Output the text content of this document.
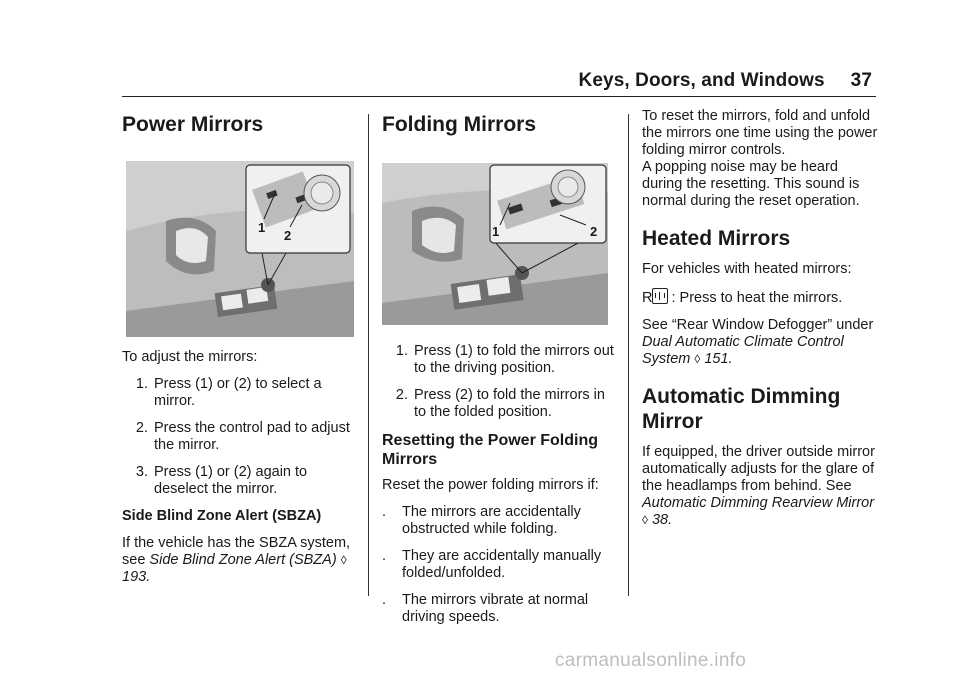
Keys, Doors, and Windows 37
Power Mirrors
1
2

To adjust the mirrors:

1. Press (1) or (2) to select a mirror.
2. Press the control pad to adjust the mirror.
3. Press (1) or (2) again to deselect the mirror.

Side Blind Zone Alert (SBZA)

If the vehicle has the SBZA system, see Side Blind Zone Alert (SBZA) ◊ 193.

Folding Mirrors
1	2
1. Press (1) to fold the mirrors out to the driving position.
2. Press (2) to fold the mirrors in to the folded position.
Resetting the Power Folding Mirrors

Reset the power folding mirrors if:

.	The mirrors are accidentally obstructed while folding.
.	They are accidentally manually folded/unfolded.
.	The mirrors vibrate at normal driving speeds.

To reset the mirrors, fold and unfold the mirrors one time using the power folding mirror controls.

A popping noise may be heard during the resetting. This sound is normal during the reset operation.

Heated Mirrors

For vehicles with heated mirrors:

R : Press to heat the mirrors.

See “Rear Window Defogger” under Dual Automatic Climate Control System ◊ 151.

Automatic Dimming Mirror

If equipped, the driver outside mirror automatically adjusts for the glare of the headlamps from behind. See Automatic Dimming Rearview Mirror ◊ 38.

carmanualsonline.info
